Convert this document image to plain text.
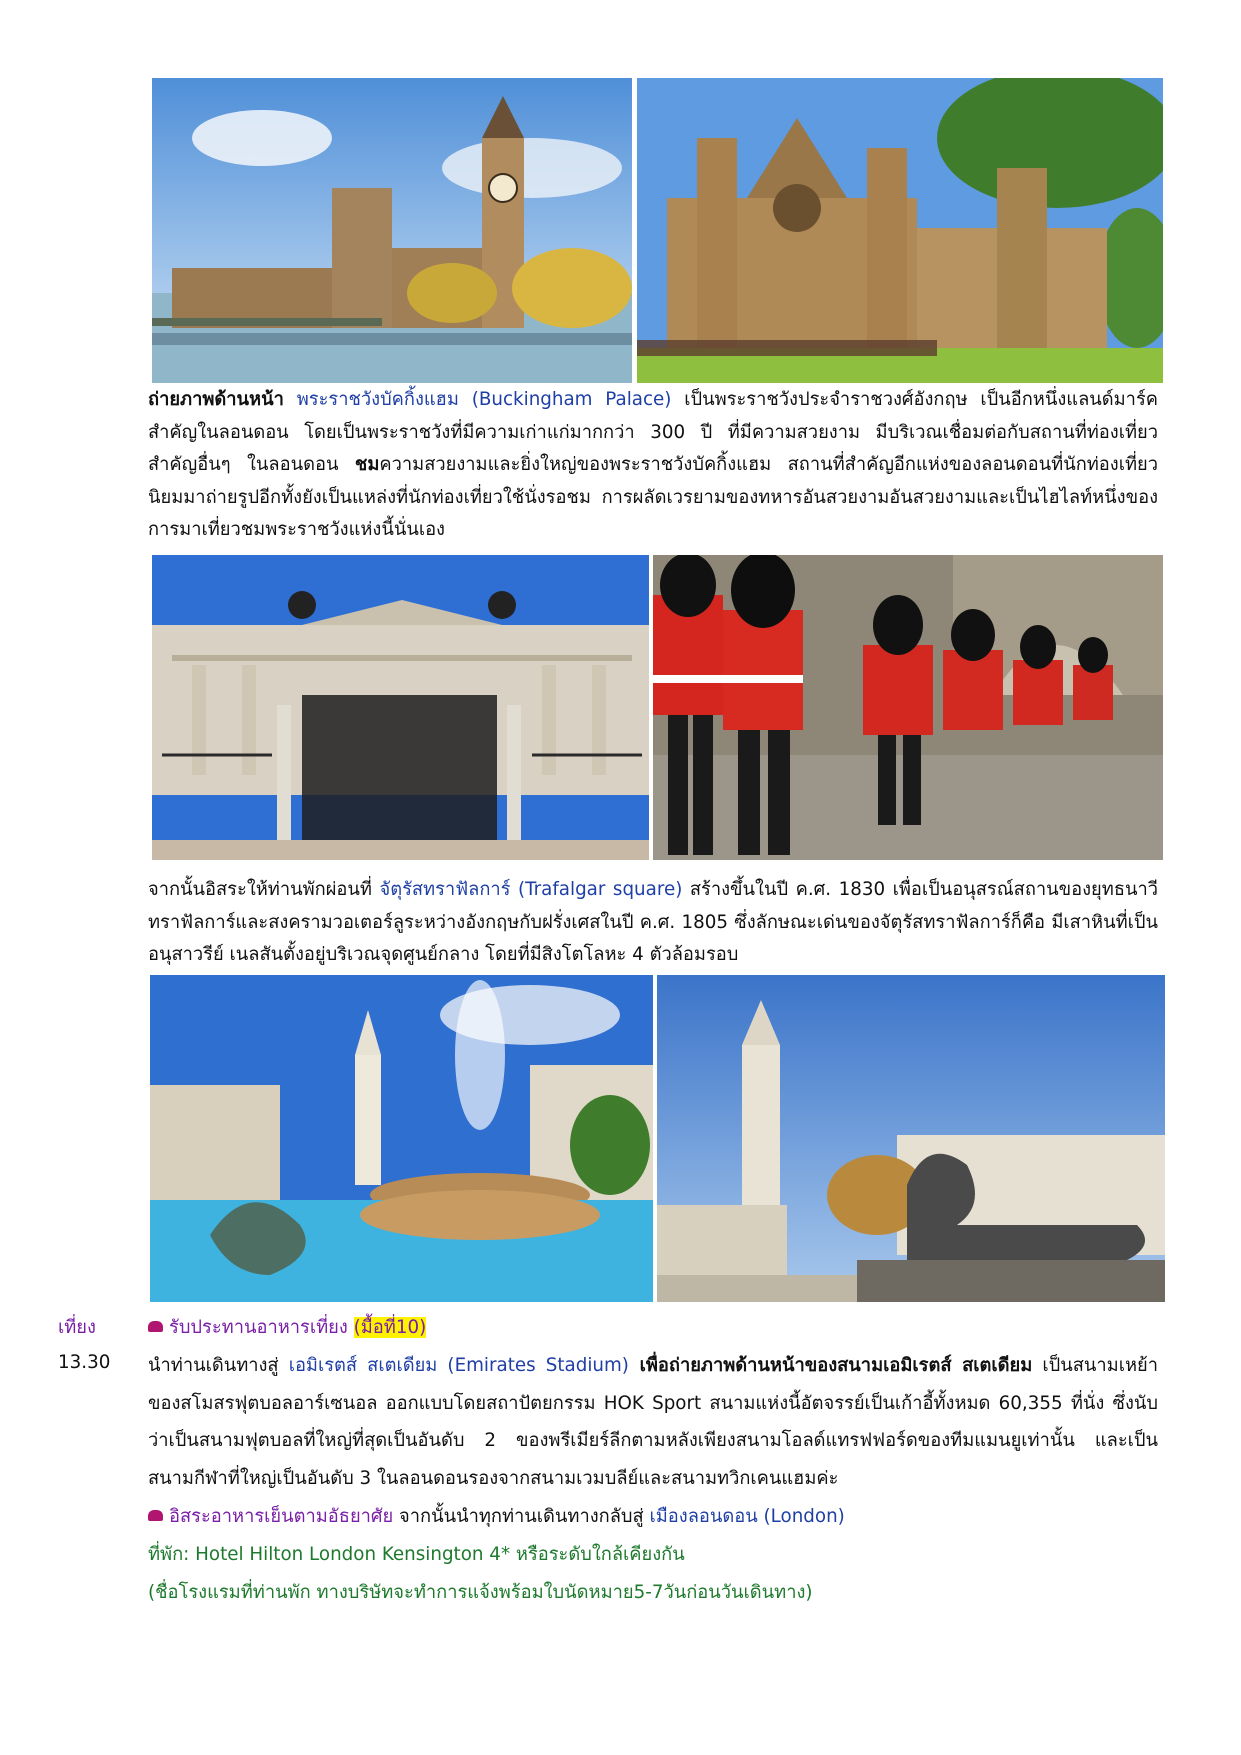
ถ่ายภาพด้านหน้า พระราชวังบัคกิ้งแฮม (Buckingham Palace) เป็นพระราชวังประจำราชวงศ์อังกฤษ เป็นอีกหนึ่งแลนด์มาร์คสำคัญในลอนดอน โดยเป็นพระราชวังที่มีความเก่าแก่มากกว่า 300 ปี ที่มีความสวยงาม มีบริเวณเชื่อมต่อกับสถานที่ท่องเที่ยวสำคัญอื่นๆ ในลอนดอน ชมความสวยงามและยิ่งใหญ่ของพระราชวังบัคกิ้งแฮม สถานที่สำคัญอีกแห่งของลอนดอนที่นักท่องเที่ยวนิยมมาถ่ายรูปอีกทั้งยังเป็นแหล่งที่นักท่องเที่ยวใช้นั่งรอชม การผลัดเวรยามของทหารอันสวยงามอันสวยงามและเป็นไฮไลท์หนึ่งของการมาเที่ยวชมพระราชวังแห่งนี้นั่นเอง
จากนั้นอิสระให้ท่านพักผ่อนที่ จัตุรัสทราฟัลการ์ (Trafalgar square) สร้างขึ้นในปี ค.ศ. 1830 เพื่อเป็นอนุสรณ์สถานของยุทธนาวีทราฟัลการ์และสงครามวอเตอร์ลูระหว่างอังกฤษกับฝรั่งเศสในปี ค.ศ. 1805 ซึ่งลักษณะเด่นของจัตุรัสทราฟัลการ์ก็คือ มีเสาหินที่เป็นอนุสาวรีย์ เนลสันตั้งอยู่บริเวณจุดศูนย์กลาง โดยที่มีสิงโตโลหะ 4 ตัวล้อมรอบ
เที่ยง	รับประทานอาหารเที่ยง (มื้อที่10)
13.30 นำท่านเดินทางสู่ เอมิเรตส์ สเตเดียม (Emirates Stadium) เพื่อถ่ายภาพด้านหน้าของสนามเอมิเรตส์ สเตเดียม เป็นสนามเหย้าของสโมสรฟุตบอลอาร์เซนอล ออกแบบโดยสถาปัตยกรรม HOK Sport สนามแห่งนี้อัตจรรย์เป็นเก้าอี้ทั้งหมด 60,355 ที่นั่ง ซึ่งนับว่าเป็นสนามฟุตบอลที่ใหญ่ที่สุดเป็นอันดับ 2 ของพรีเมียร์ลีกตามหลังเพียงสนามโอลด์แทรฟฟอร์ดของทีมแมนยูเท่านั้น และเป็นสนามกีฬาที่ใหญ่เป็นอันดับ 3 ในลอนดอนรองจากสนามเวมบลีย์และสนามทวิกเคนแฮมค่ะ
อิสระอาหารเย็นตามอัธยาศัย จากนั้นนำทุกท่านเดินทางกลับสู่ เมืองลอนดอน (London)
ที่พัก: Hotel Hilton London Kensington 4* หรือระดับใกล้เคียงกัน
(ชื่อโรงแรมที่ท่านพัก ทางบริษัทจะทำการแจ้งพร้อมใบนัดหมาย5-7วันก่อนวันเดินทาง)
